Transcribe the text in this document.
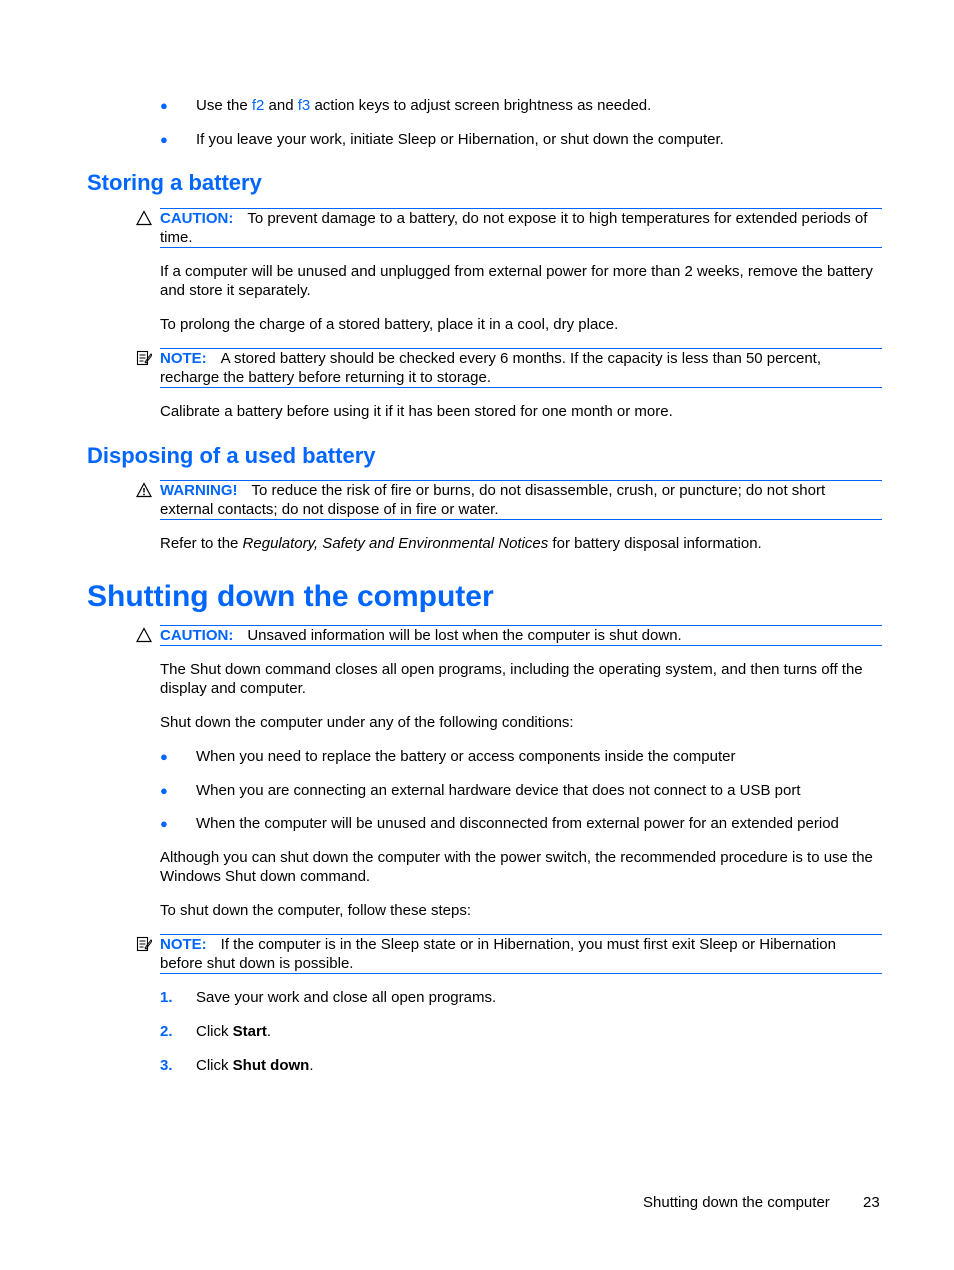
● Use the f2 and f3 action keys to adjust screen brightness as needed.
● If you leave your work, initiate Sleep or Hibernation, or shut down the computer.
Storing a battery
CAUTION: To prevent damage to a battery, do not expose it to high temperatures for extended periods of time.

If a computer will be unused and unplugged from external power for more than 2 weeks, remove the battery and store it separately.

To prolong the charge of a stored battery, place it in a cool, dry place.

NOTE: A stored battery should be checked every 6 months. If the capacity is less than 50 percent, recharge the battery before returning it to storage.

Calibrate a battery before using it if it has been stored for one month or more.

Disposing of a used battery
WARNING! To reduce the risk of fire or burns, do not disassemble, crush, or puncture; do not short external contacts; do not dispose of in fire or water.

Refer to the Regulatory, Safety and Environmental Notices for battery disposal information.

Shutting down the computer
CAUTION: Unsaved information will be lost when the computer is shut down.

The Shut down command closes all open programs, including the operating system, and then turns off the display and computer.

Shut down the computer under any of the following conditions:

● When you need to replace the battery or access components inside the computer
● When you are connecting an external hardware device that does not connect to a USB port
● When the computer will be unused and disconnected from external power for an extended period

Although you can shut down the computer with the power switch, the recommended procedure is to use the Windows Shut down command.

To shut down the computer, follow these steps:

NOTE: If the computer is in the Sleep state or in Hibernation, you must first exit Sleep or Hibernation before shut down is possible.
1. Save your work and close all open programs.
2. Click Start.
3. Click Shut down.
Shutting down the computer 23
